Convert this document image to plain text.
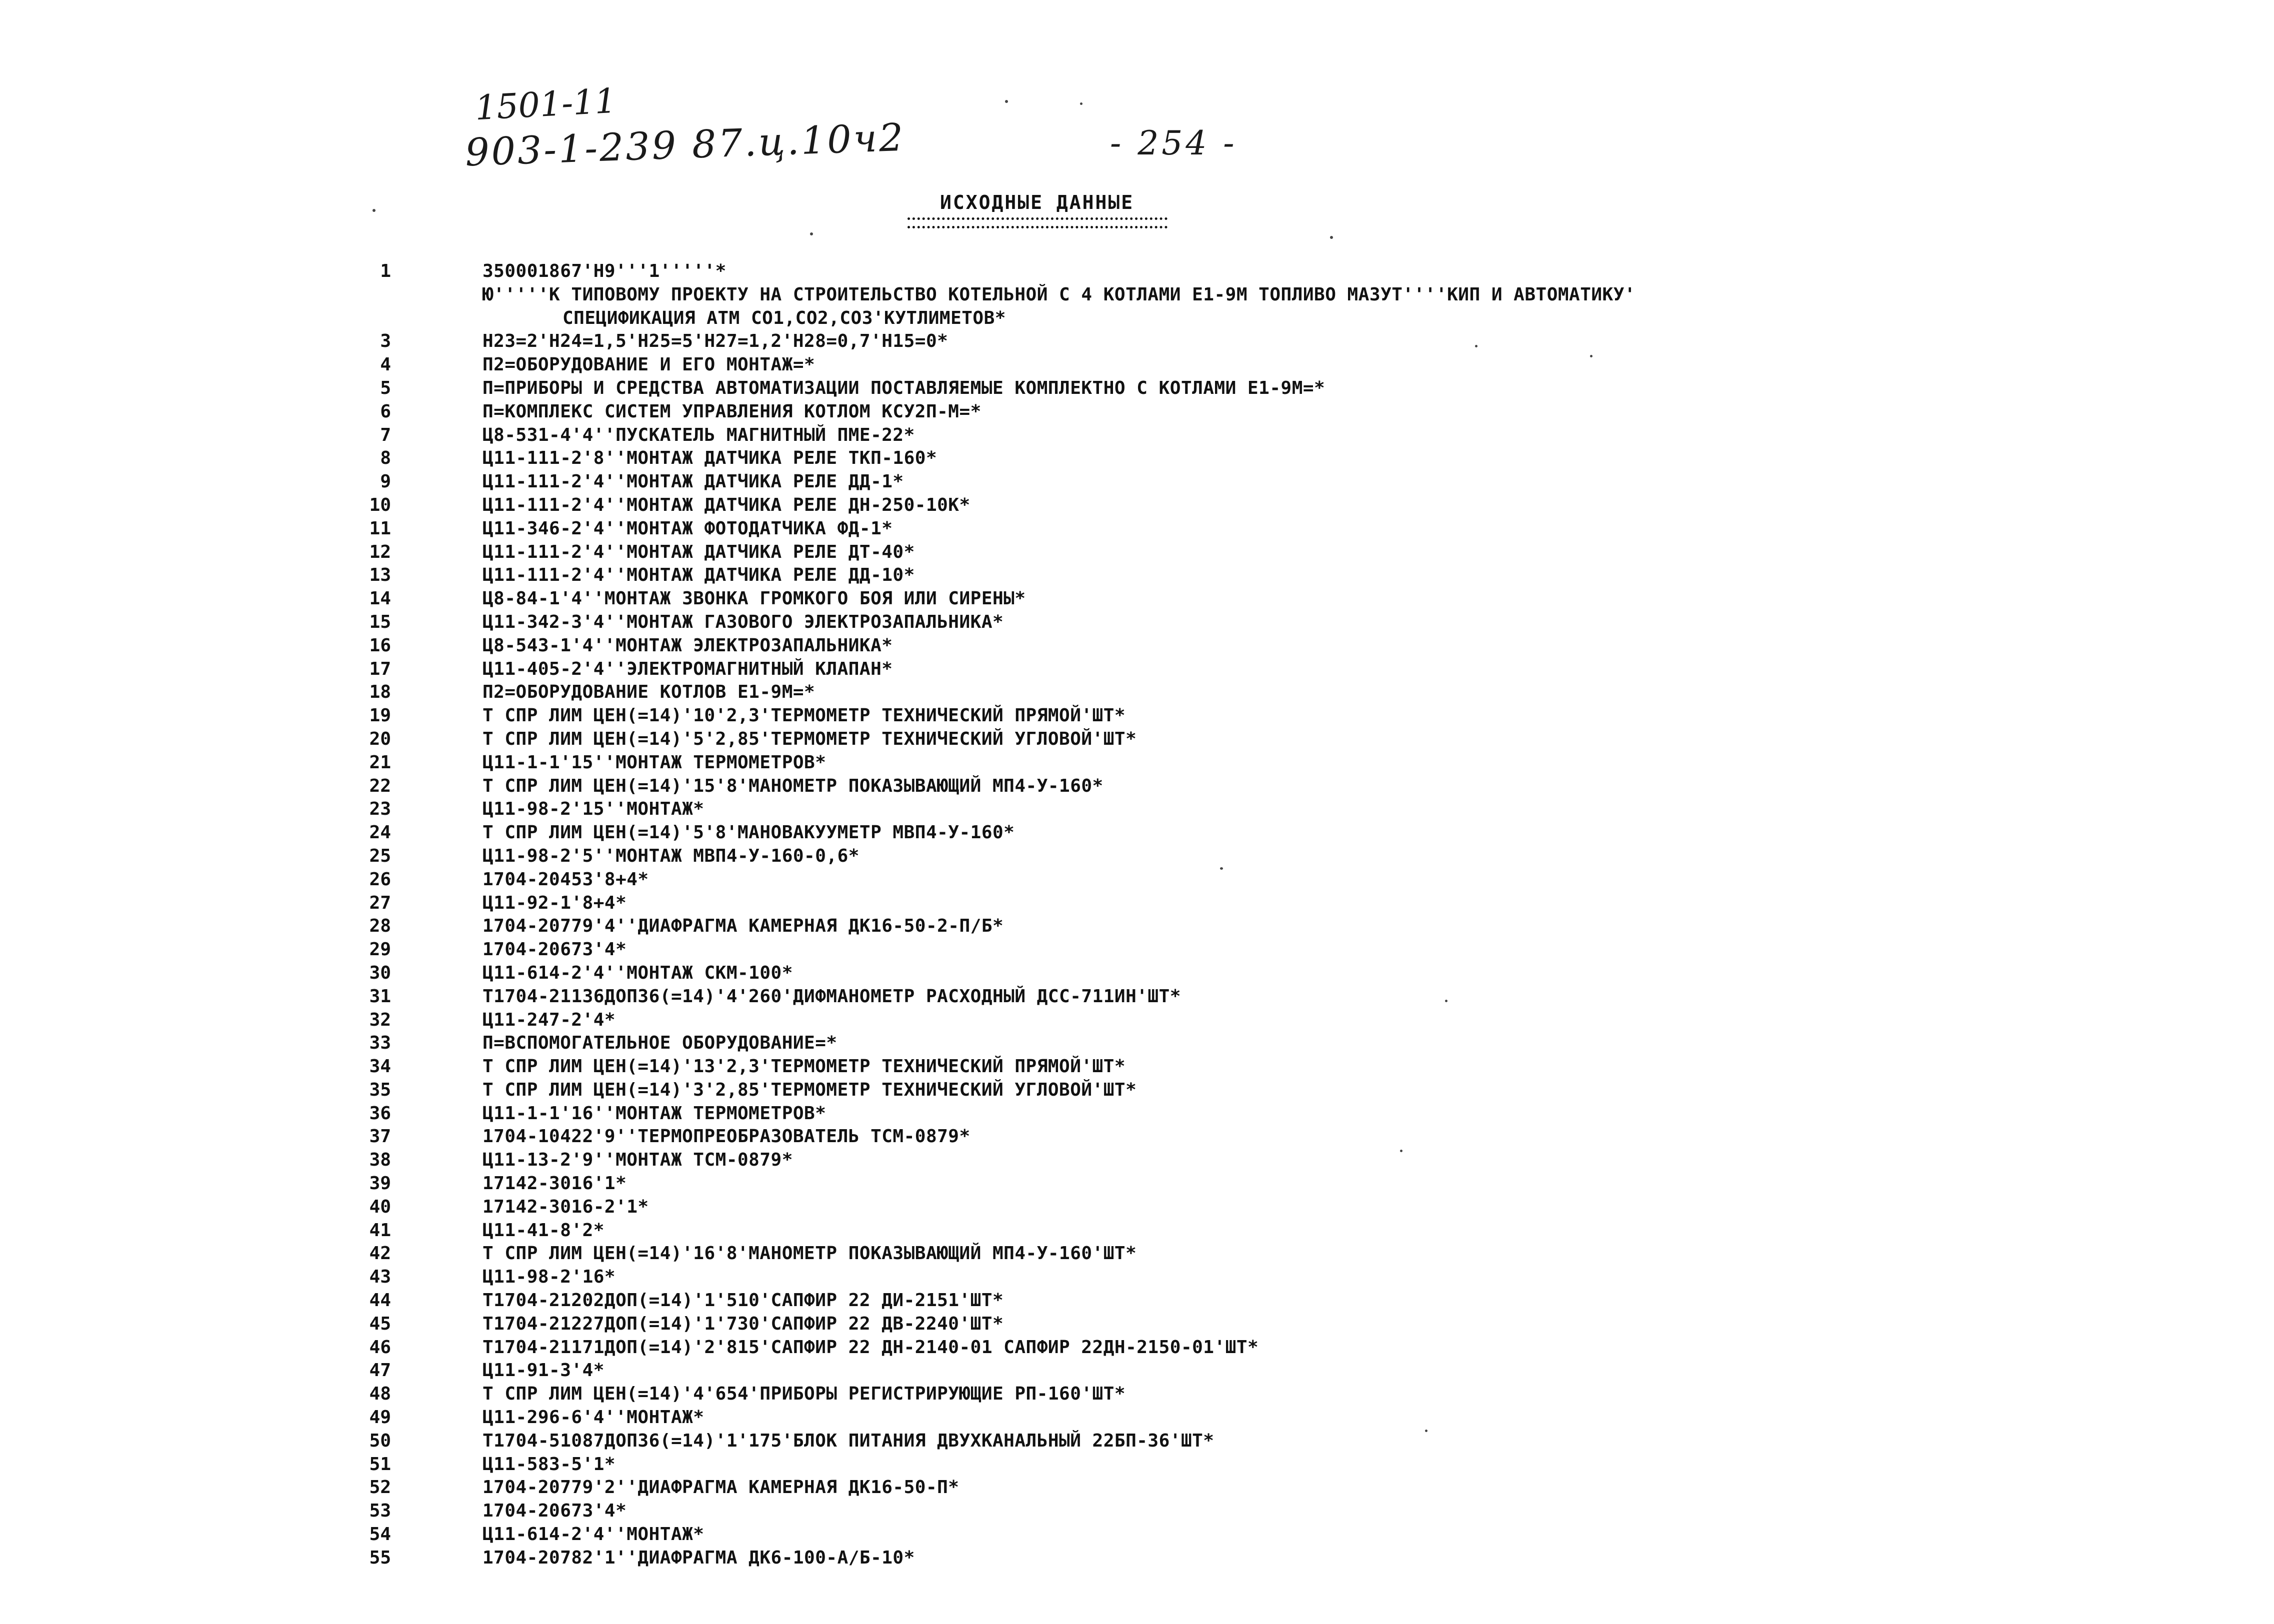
1501-11
903-1-239 87.ц.10ч2	- 254 -
ИСХОДНЫЕ ДАННЫЕ
1	350001867'H9'''1'''''*
Ю'''''К ТИПОВОМУ ПРОЕКТУ НА СТРОИТЕЛЬСТВО КОТЕЛЬНОЙ С 4 КОТЛАМИ Е1-9М ТОПЛИВО МАЗУТ''''КИП И АВТОМАТИКУ'
СПЕЦИФИКАЦИЯ АТМ СО1,СО2,СО3'КУТЛИМЕТОВ*
3	H23=2'H24=1,5'H25=5'H27=1,2'H28=0,7'H15=0*
4	П2=ОБОРУДОВАНИЕ И ЕГО МОНТАЖ=*
5	П=ПРИБОРЫ И СРЕДСТВА АВТОМАТИЗАЦИИ ПОСТАВЛЯЕМЫЕ КОМПЛЕКТНО С КОТЛАМИ Е1-9М=*
6	П=КОМПЛЕКС СИСТЕМ УПРАВЛЕНИЯ КОТЛОМ КСУ2П-М=*
7	Ц8-531-4'4''ПУСКАТЕЛЬ МАГНИТНЫЙ ПМЕ-22*
8	Ц11-111-2'8''МОНТАЖ ДАТЧИКА РЕЛЕ ТКП-160*
9	Ц11-111-2'4''МОНТАЖ ДАТЧИКА РЕЛЕ ДД-1*
10	Ц11-111-2'4''МОНТАЖ ДАТЧИКА РЕЛЕ ДН-250-10К*
11	Ц11-346-2'4''МОНТАЖ ФОТОДАТЧИКА ФД-1*
12	Ц11-111-2'4''МОНТАЖ ДАТЧИКА РЕЛЕ ДТ-40*
13	Ц11-111-2'4''МОНТАЖ ДАТЧИКА РЕЛЕ ДД-10*
14	Ц8-84-1'4''МОНТАЖ ЗВОНКА ГРОМКОГО БОЯ ИЛИ СИРЕНЫ*
15	Ц11-342-3'4''МОНТАЖ ГАЗОВОГО ЭЛЕКТРОЗАПАЛЬНИКА*
16	Ц8-543-1'4''МОНТАЖ ЭЛЕКТРОЗАПАЛЬНИКА*
17	Ц11-405-2'4''ЭЛЕКТРОМАГНИТНЫЙ КЛАПАН*
18	П2=ОБОРУДОВАНИЕ КОТЛОВ Е1-9М=*
19	Т СПР ЛИМ ЦЕН(=14)'10'2,3'ТЕРМОМЕТР ТЕХНИЧЕСКИЙ ПРЯМОЙ'ШТ*
20	Т СПР ЛИМ ЦЕН(=14)'5'2,85'ТЕРМОМЕТР ТЕХНИЧЕСКИЙ УГЛОВОЙ'ШТ*
21	Ц11-1-1'15''МОНТАЖ ТЕРМОМЕТРОВ*
22	Т СПР ЛИМ ЦЕН(=14)'15'8'МАНОМЕТР ПОКАЗЫВАЮЩИЙ МП4-У-160*
23	Ц11-98-2'15''МОНТАЖ*
24	Т СПР ЛИМ ЦЕН(=14)'5'8'МАНОВАКУУМЕТР МВП4-У-160*
25	Ц11-98-2'5''МОНТАЖ МВП4-У-160-0,6*
26	1704-20453'8+4*
27	Ц11-92-1'8+4*
28	1704-20779'4''ДИАФРАГМА КАМЕРНАЯ ДК16-50-2-П/Б*
29	1704-20673'4*
30	Ц11-614-2'4''МОНТАЖ СКМ-100*
31	Т1704-21136ДОП36(=14)'4'260'ДИФМАНОМЕТР РАСХОДНЫЙ ДСС-711ИН'ШТ*
32	Ц11-247-2'4*
33	П=ВСПОМОГАТЕЛЬНОЕ ОБОРУДОВАНИЕ=*
34	Т СПР ЛИМ ЦЕН(=14)'13'2,3'ТЕРМОМЕТР ТЕХНИЧЕСКИЙ ПРЯМОЙ'ШТ*
35	Т СПР ЛИМ ЦЕН(=14)'3'2,85'ТЕРМОМЕТР ТЕХНИЧЕСКИЙ УГЛОВОЙ'ШТ*
36	Ц11-1-1'16''МОНТАЖ ТЕРМОМЕТРОВ*
37	1704-10422'9''ТЕРМОПРЕОБРАЗОВАТЕЛЬ ТСМ-0879*
38	Ц11-13-2'9''МОНТАЖ ТСМ-0879*
39	17142-3016'1*
40	17142-3016-2'1*
41	Ц11-41-8'2*
42	Т СПР ЛИМ ЦЕН(=14)'16'8'МАНОМЕТР ПОКАЗЫВАЮЩИЙ МП4-У-160'ШТ*
43	Ц11-98-2'16*
44	Т1704-21202ДОП(=14)'1'510'САПФИР 22 ДИ-2151'ШТ*
45	Т1704-21227ДОП(=14)'1'730'САПФИР 22 ДВ-2240'ШТ*
46	Т1704-21171ДОП(=14)'2'815'САПФИР 22 ДН-2140-01 САПФИР 22ДН-2150-01'ШТ*
47	Ц11-91-3'4*
48	Т СПР ЛИМ ЦЕН(=14)'4'654'ПРИБОРЫ РЕГИСТРИРУЮЩИЕ РП-160'ШТ*
49	Ц11-296-6'4''МОНТАЖ*
50	Т1704-51087ДОП36(=14)'1'175'БЛОК ПИТАНИЯ ДВУХКАНАЛЬНЫЙ 22БП-36'ШТ*
51	Ц11-583-5'1*
52	1704-20779'2''ДИАФРАГМА КАМЕРНАЯ ДК16-50-П*
53	1704-20673'4*
54	Ц11-614-2'4''МОНТАЖ*
55	1704-20782'1''ДИАФРАГМА ДК6-100-А/Б-10*
